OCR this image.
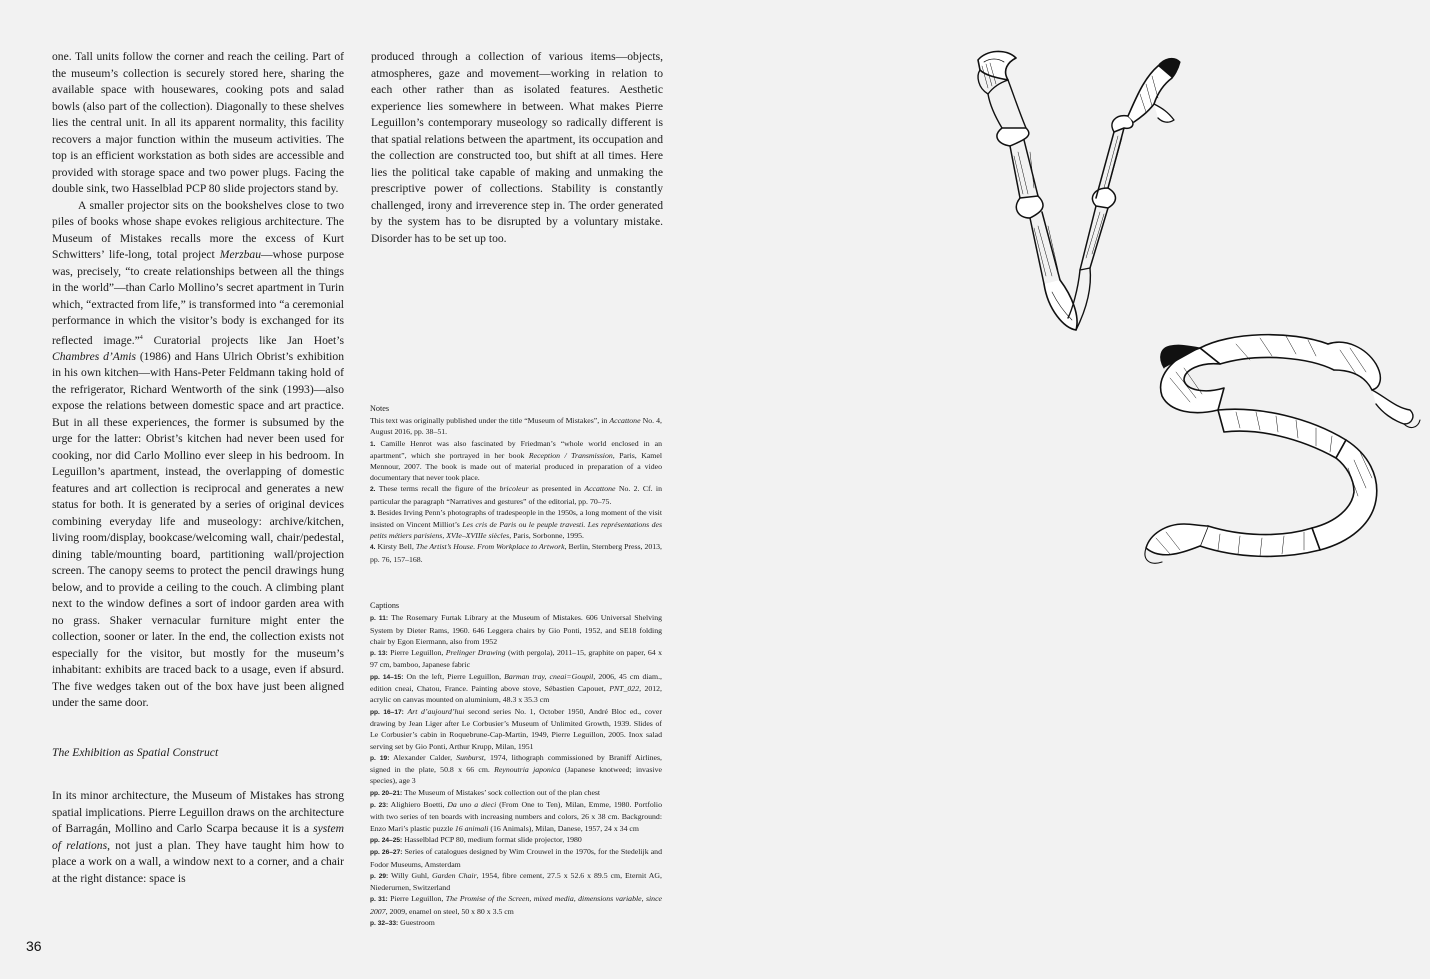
one. Tall units follow the corner and reach the ceiling. Part of the museum’s collection is securely stored here, sharing the available space with housewares, cooking pots and salad bowls (also part of the collection). Diagonally to these shelves lies the central unit. In all its apparent normality, this facility recovers a major function within the museum activities. The top is an efficient workstation as both sides are accessible and provided with storage space and two power plugs. Facing the double sink, two Hasselblad PCP 80 slide projectors stand by.

A smaller projector sits on the bookshelves close to two piles of books whose shape evokes religious architecture. The Museum of Mistakes recalls more the excess of Kurt Schwitters’ life-long, total project Merzbau—whose purpose was, precisely, “to create relationships between all the things in the world”—than Carlo Mollino’s secret apartment in Turin which, “extracted from life,” is transformed into “a ceremonial performance in which the visitor’s body is exchanged for its reflected image.”$^4$ Curatorial projects like Jan Hoet’s Chambres d’Amis (1986) and Hans Ulrich Obrist’s exhibition in his own kitchen—with Hans-Peter Feldmann taking hold of the refrigerator, Richard Wentworth of the sink (1993)—also expose the relations between domestic space and art practice. But in all these experiences, the former is subsumed by the urge for the latter: Obrist’s kitchen had never been used for cooking, nor did Carlo Mollino ever sleep in his bedroom. In Leguillon’s apartment, instead, the overlapping of domestic features and art collection is reciprocal and generates a new status for both. It is generated by a series of original devices combining everyday life and museology: archive/kitchen, living room/display, bookcase/welcoming wall, chair/pedestal, dining table/mounting board, partitioning wall/projection screen. The canopy seems to protect the pencil drawings hung below, and to provide a ceiling to the couch. A climbing plant next to the window defines a sort of indoor garden area with no grass. Shaker vernacular furniture might enter the collection, sooner or later. In the end, the collection exists not especially for the visitor, but mostly for the museum’s inhabitant: exhibits are traced back to a usage, even if absurd. The five wedges taken out of the box have just been aligned under the same door.

The Exhibition as Spatial Construct

In its minor architecture, the Museum of Mistakes has strong spatial implications. Pierre Leguillon draws on the architecture of Barragán, Mollino and Carlo Scarpa because it is a system of relations, not just a plan. They have taught him how to place a work on a wall, a window next to a corner, and a chair at the right distance: space is

produced through a collection of various items—objects, atmospheres, gaze and movement—working in relation to each other rather than as isolated features. Aesthetic experience lies somewhere in between. What makes Pierre Leguillon’s contemporary museology so radically different is that spatial relations between the apartment, its occupation and the collection are constructed too, but shift at all times. Here lies the political take capable of making and unmaking the prescriptive power of collections. Stability is constantly challenged, irony and irreverence step in. The order generated by the system has to be disrupted by a voluntary mistake. Disorder has to be set up too.

Notes

This text was originally published under the title “Museum of Mistakes”, in Accattone No. 4, August 2016, pp. 38–51.

1. Camille Henrot was also fascinated by Friedman’s “whole world enclosed in an apartment”, which she portrayed in her book Reception / Transmission, Paris, Kamel Mennour, 2007. The book is made out of material produced in preparation of a video documentary that never took place.

2. These terms recall the figure of the bricoleur as presented in Accattone No. 2. Cf. in particular the paragraph “Narratives and gestures” of the editorial, pp. 70–75.

3. Besides Irving Penn’s photographs of tradespeople in the 1950s, a long moment of the visit insisted on Vincent Milliot’s Les cris de Paris ou le peuple travesti. Les représentations des petits métiers parisiens, XVIe–XVIIIe siècles, Paris, Sorbonne, 1995.

4. Kirsty Bell, The Artist’s House. From Workplace to Artwork, Berlin, Sternberg Press, 2013, pp. 76, 157–168.

Captions

p. 11: The Rosemary Furtak Library at the Museum of Mistakes. 606 Universal Shelving System by Dieter Rams, 1960. 646 Leggera chairs by Gio Ponti, 1952, and SE18 folding chair by Egon Eiermann, also from 1952

p. 13: Pierre Leguillon, Prelinger Drawing (with pergola), 2011–15, graphite on paper, 64 x 97 cm, bamboo, Japanese fabric

pp. 14–15: On the left, Pierre Leguillon, Barman tray, cneai=Goupil, 2006, 45 cm diam., edition cneai, Chatou, France. Painting above stove, Sébastien Capouet, PNT_022, 2012, acrylic on canvas mounted on aluminium, 48.3 x 35.3 cm

pp. 16–17: Art d’aujourd’hui second series No. 1, October 1950, André Bloc ed., cover drawing by Jean Liger after Le Corbusier’s Museum of Unlimited Growth, 1939. Slides of Le Corbusier’s cabin in Roquebrune-Cap-Martin, 1949, Pierre Leguillon, 2005. Inox salad serving set by Gio Ponti, Arthur Krupp, Milan, 1951

p. 19: Alexander Calder, Sunburst, 1974, lithograph commissioned by Braniff Airlines, signed in the plate, 50.8 x 66 cm. Reynoutria japonica (Japanese knotweed; invasive species), age 3

pp. 20–21: The Museum of Mistakes’ sock collection out of the plan chest

p. 23: Alighiero Boetti, Da uno a dieci (From One to Ten), Milan, Emme, 1980. Portfolio with two series of ten boards with increasing numbers and colors, 26 x 38 cm. Background: Enzo Mari’s plastic puzzle 16 animali (16 Animals), Milan, Danese, 1957, 24 x 34 cm

pp. 24–25: Hasselblad PCP 80, medium format slide projector, 1980

pp. 26–27: Series of catalogues designed by Wim Crouwel in the 1970s, for the Stedelijk and Fodor Museums, Amsterdam

p. 29: Willy Guhl, Garden Chair, 1954, fibre cement, 27.5 x 52.6 x 89.5 cm, Eternit AG, Niederurnen, Switzerland

p. 31: Pierre Leguillon, The Promise of the Screen, mixed media, dimensions variable, since 2007, 2009, enamel on steel, 50 x 80 x 3.5 cm

p. 32–33: Guestroom

36
